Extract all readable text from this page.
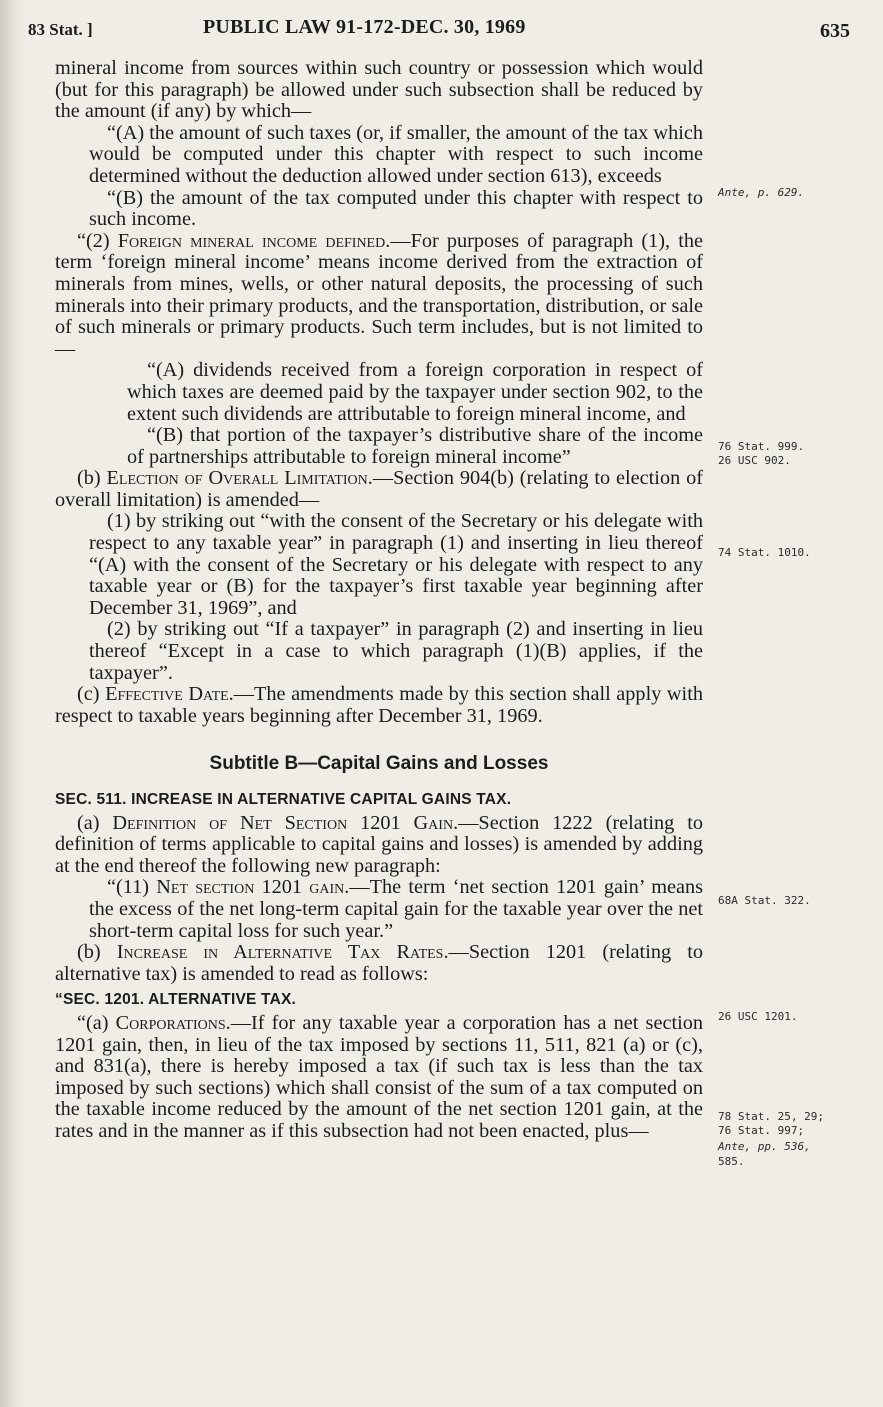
83 Stat. ]	PUBLIC LAW 91-172-DEC. 30, 1969	635

mineral income from sources within such country or possession which would (but for this paragraph) be allowed under such subsection shall be reduced by the amount (if any) by which—

“(A) the amount of such taxes (or, if smaller, the amount of the tax which would be computed under this chapter with respect to such income determined without the deduction allowed under section 613), exceeds

“(B) the amount of the tax computed under this chapter with respect to such income.

“(2) Foreign mineral income defined.—For purposes of paragraph (1), the term ‘foreign mineral income’ means income derived from the extraction of minerals from mines, wells, or other natural deposits, the processing of such minerals into their primary products, and the transportation, distribution, or sale of such minerals or primary products. Such term includes, but is not limited to—

“(A) dividends received from a foreign corporation in respect of which taxes are deemed paid by the taxpayer under section 902, to the extent such dividends are attributable to foreign mineral income, and

“(B) that portion of the taxpayer’s distributive share of the income of partnerships attributable to foreign mineral income”

(b) Election of Overall Limitation.—Section 904(b) (relating to election of overall limitation) is amended—

(1) by striking out “with the consent of the Secretary or his delegate with respect to any taxable year” in paragraph (1) and inserting in lieu thereof “(A) with the consent of the Secretary or his delegate with respect to any taxable year or (B) for the taxpayer’s first taxable year beginning after December 31, 1969”, and

(2) by striking out “If a taxpayer” in paragraph (2) and inserting in lieu thereof “Except in a case to which paragraph (1)(B) applies, if the taxpayer”.

(c) Effective Date.—The amendments made by this section shall apply with respect to taxable years beginning after December 31, 1969.

Subtitle B—Capital Gains and Losses
SEC. 511. INCREASE IN ALTERNATIVE CAPITAL GAINS TAX.

(a) Definition of Net Section 1201 Gain.—Section 1222 (relating to definition of terms applicable to capital gains and losses) is amended by adding at the end thereof the following new paragraph:

“(11) Net section 1201 gain.—The term ‘net section 1201 gain’ means the excess of the net long-term capital gain for the taxable year over the net short-term capital loss for such year.”

(b) Increase in Alternative Tax Rates.—Section 1201 (relating to alternative tax) is amended to read as follows:

“SEC. 1201. ALTERNATIVE TAX.

“(a) Corporations.—If for any taxable year a corporation has a net section 1201 gain, then, in lieu of the tax imposed by sections 11, 511, 821 (a) or (c), and 831(a), there is hereby imposed a tax (if such tax is less than the tax imposed by such sections) which shall consist of the sum of a tax computed on the taxable income reduced by the amount of the net section 1201 gain, at the rates and in the manner as if this subsection had not been enacted, plus—

Ante, p. 629.
76 Stat. 999.
26 USC 902.
74 Stat. 1010.
68A Stat. 322.
26 USC 1201.
78 Stat. 25, 29;
76 Stat. 997;
Ante, pp. 536,
585.
